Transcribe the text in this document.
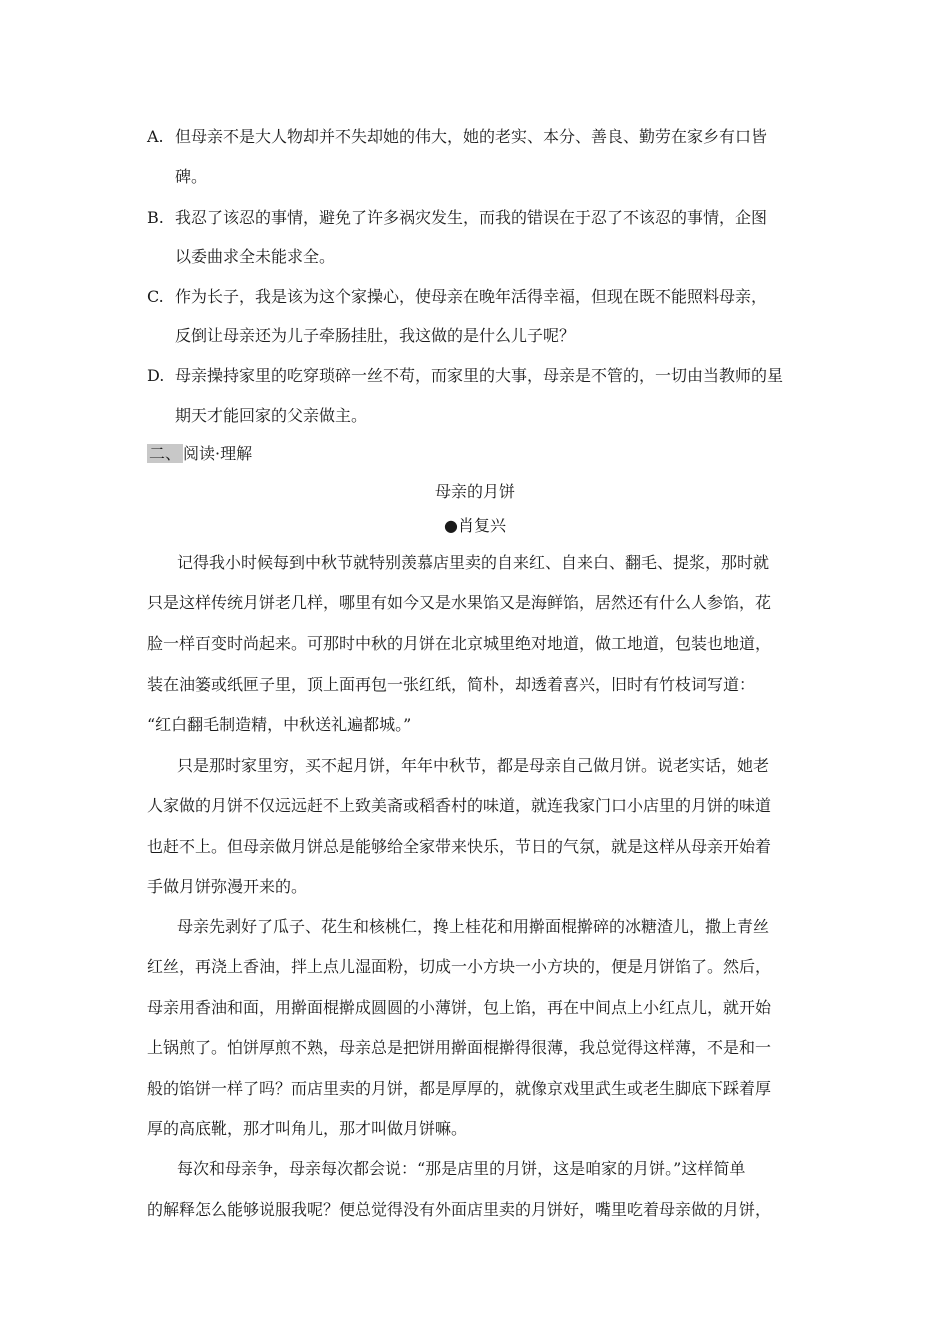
A. 但母亲不是大人物却并不失却她的伟大，她的老实、本分、善良、勤劳在家乡有口皆
碑。
B. 我忍了该忍的事情，避免了许多祸灾发生，而我的错误在于忍了不该忍的事情，企图
以委曲求全未能求全。
C. 作为长子，我是该为这个家操心，使母亲在晚年活得幸福，但现在既不能照料母亲，
反倒让母亲还为儿子牵肠挂肚，我这做的是什么儿子呢？
D. 母亲操持家里的吃穿琐碎一丝不苟，而家里的大事，母亲是不管的，一切由当教师的星
期天才能回家的父亲做主。
二、 阅读·理解
母亲的月饼
●肖复兴
记得我小时候每到中秋节就特别羡慕店里卖的自来红、自来白、翻毛、提浆，那时就
只是这样传统月饼老几样，哪里有如今又是水果馅又是海鲜馅，居然还有什么人参馅，花
脸一样百变时尚起来。可那时中秋的月饼在北京城里绝对地道，做工地道，包装也地道，
装在油篓或纸匣子里，顶上面再包一张红纸，简朴，却透着喜兴，旧时有竹枝词写道：
“红白翻毛制造精，中秋送礼遍都城。”
只是那时家里穷，买不起月饼，年年中秋节，都是母亲自己做月饼。说老实话，她老
人家做的月饼不仅远远赶不上致美斋或稻香村的味道，就连我家门口小店里的月饼的味道
也赶不上。但母亲做月饼总是能够给全家带来快乐，节日的气氛，就是这样从母亲开始着
手做月饼弥漫开来的。
母亲先剥好了瓜子、花生和核桃仁，搀上桂花和用擀面棍擀碎的冰糖渣儿，撒上青丝
红丝，再浇上香油，拌上点儿湿面粉，切成一小方块一小方块的，便是月饼馅了。然后，
母亲用香油和面，用擀面棍擀成圆圆的小薄饼，包上馅，再在中间点上小红点儿，就开始
上锅煎了。怕饼厚煎不熟，母亲总是把饼用擀面棍擀得很薄，我总觉得这样薄，不是和一
般的馅饼一样了吗？而店里卖的月饼，都是厚厚的，就像京戏里武生或老生脚底下踩着厚
厚的高底靴，那才叫角儿，那才叫做月饼嘛。
每次和母亲争，母亲每次都会说：“那是店里的月饼，这是咱家的月饼。”这样简单
的解释怎么能够说服我呢？便总觉得没有外面店里卖的月饼好，嘴里吃着母亲做的月饼，
